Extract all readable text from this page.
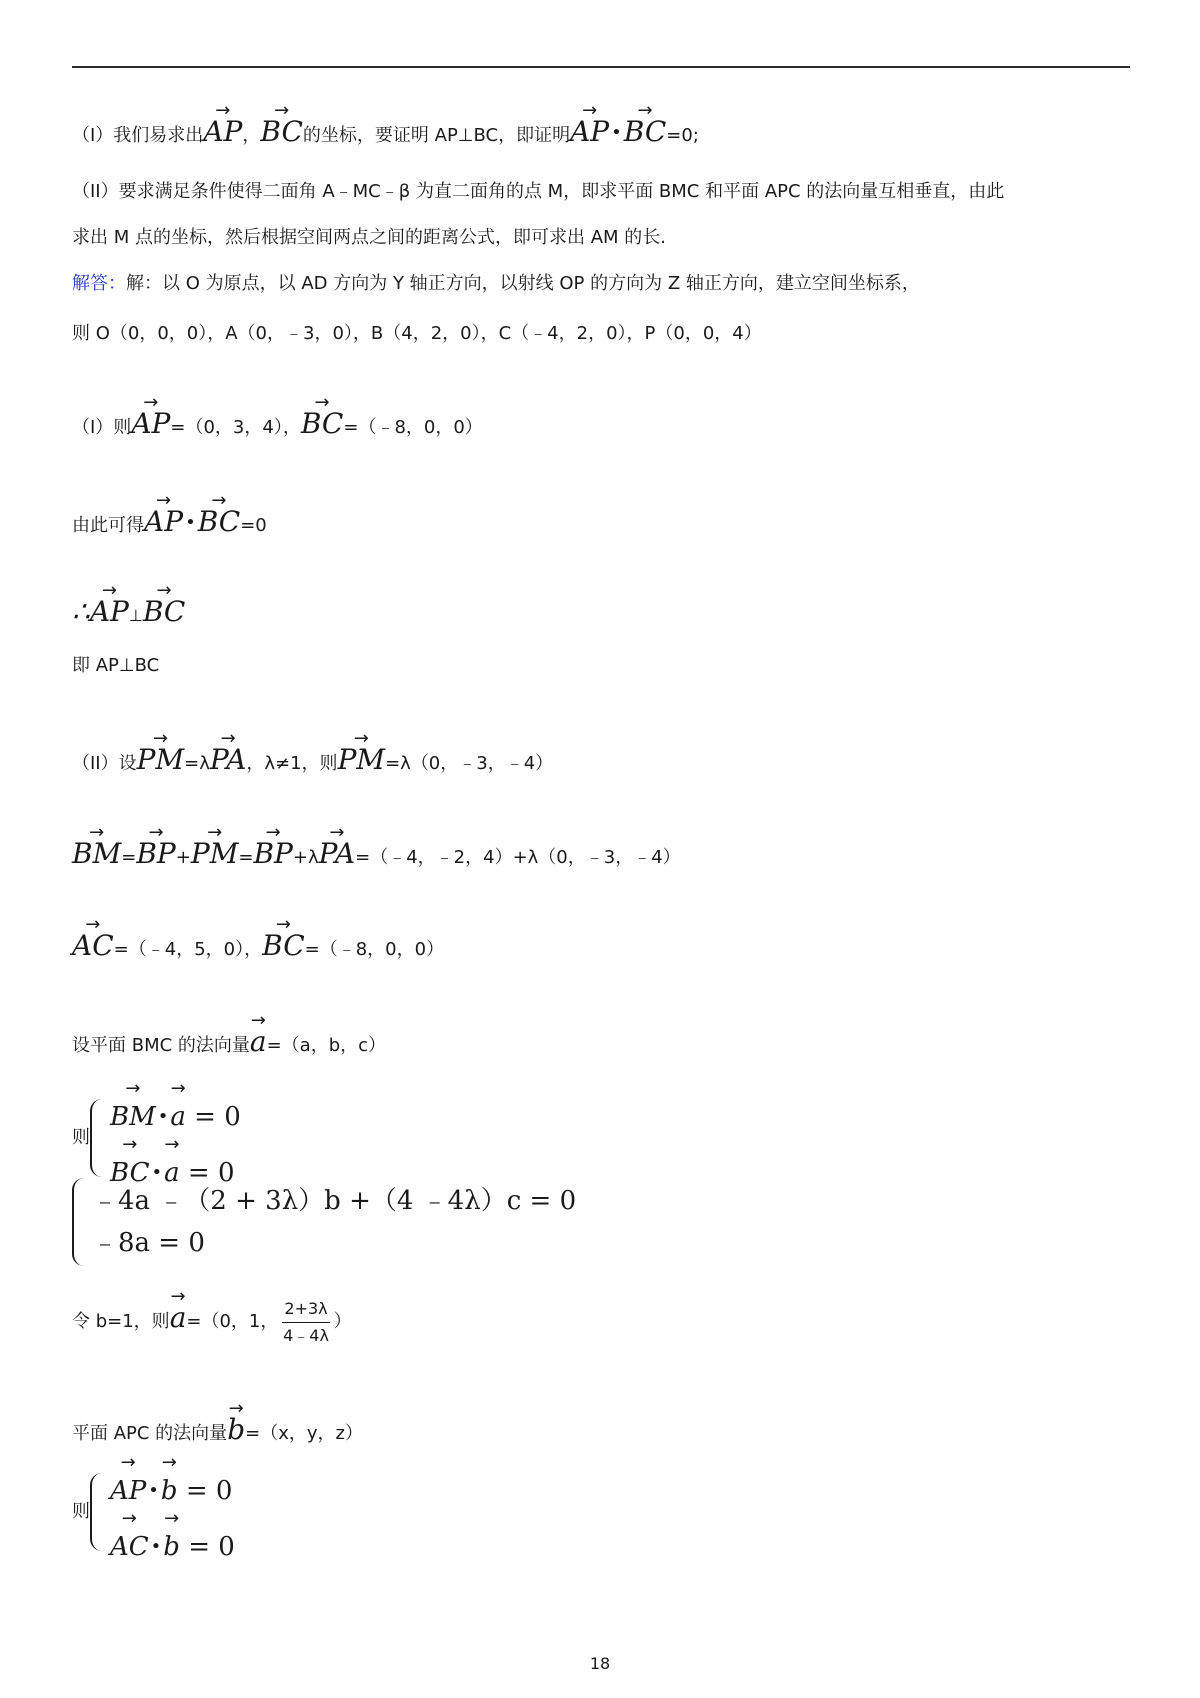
（I）我们易求出→ AP，→ BC的坐标，要证明 AP⊥BC，即证明→ AP •→ BC=0;
（II）要求满足条件使得二面角 A﹣MC﹣β 为直二面角的点 M，即求平面 BMC 和平面 APC 的法向量互相垂直，由此
求出 M 点的坐标，然后根据空间两点之间的距离公式，即可求出 AM 的长.
解答：解：以 O 为原点，以 AD 方向为 Y 轴正方向，以射线 OP 的方向为 Z 轴正方向，建立空间坐标系，
则 O（0，0，0），A（0，﹣3，0），B（4，2，0），C（﹣4，2，0），P（0，0，4）
（I）则→ AP=（0，3，4），→ BC=（﹣8，0，0）
由此可得→ AP •→ BC=0
∴→ AP⊥→ BC
即 AP⊥BC
（II）设→ PM=λ→ PA，λ≠1，则→ PM=λ（0，﹣3，﹣4）
→ BM=→ BP+→ PM=→ BP+λ→ PA=（﹣4，﹣2，4）+λ（0，﹣3，﹣4）
→ AC=（﹣4，5，0），→ BC=（﹣8，0，0）
设平面 BMC 的法向量→ a=（a，b，c）
则
→ BM •→ a = 0
→ BC •→ a = 0
﹣4a ﹣（2 + 3λ）b +（4 ﹣4λ）c = 0
﹣8a = 0
令 b=1，则→ a=（0，1， $\frac{2+3\lambda}{4﹣4\lambda}$ ）
平面 APC 的法向量→ b=（x，y，z）
则
→ AP •→ b = 0
→ AC •→ b = 0
18
